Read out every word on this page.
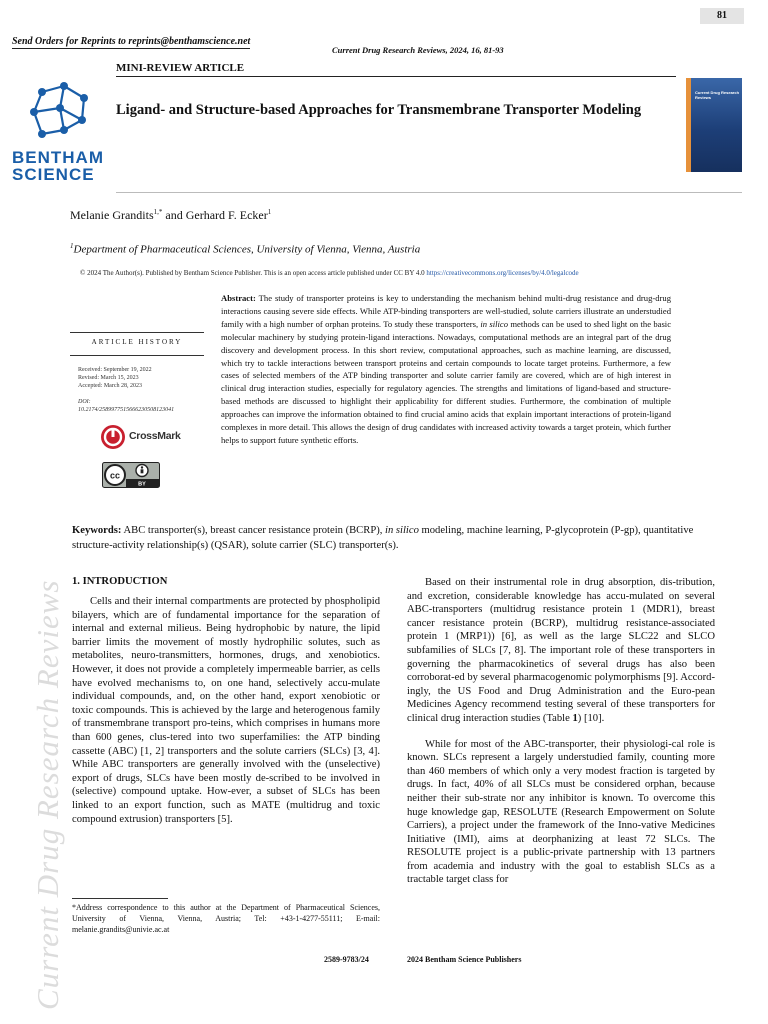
81
Send Orders for Reprints to reprints@benthamscience.net
Current Drug Research Reviews, 2024, 16, 81-93
MINI-REVIEW ARTICLE
BENTHAM
SCIENCE
Ligand- and Structure-based Approaches for Transmembrane Transporter Modeling
Current Drug Research Reviews
Melanie Grandits$^{1,*}$ and Gerhard F. Ecker$^1$
$^1$Department of Pharmaceutical Sciences, University of Vienna, Vienna, Austria
© 2024 The Author(s). Published by Bentham Science Publisher. This is an open access article published under CC BY 4.0 https://creativecommons.org/licenses/by/4.0/legalcode
Abstract: The study of transporter proteins is key to understanding the mechanism behind multi-drug resistance and drug-drug interactions causing severe side effects. While ATP-binding transporters are well-studied, solute carriers illustrate an understudied family with a high number of orphan proteins. To study these transporters, in silico methods can be used to shed light on the basic molecular machinery by studying protein-ligand interactions. Nowadays, computational methods are an integral part of the drug discovery and development process. In this short review, computational approaches, such as machine learning, are discussed, which try to tackle interactions between transport proteins and certain compounds to locate target proteins. Furthermore, a few cases of selected members of the ATP binding transporter and solute carrier family are covered, which are of high interest in clinical drug interaction studies, especially for regulatory agencies. The strengths and limitations of ligand-based and structure-based methods are discussed to highlight their applicability for different studies. Furthermore, the combination of multiple approaches can improve the information obtained to find crucial amino acids that explain important interactions of protein-ligand complexes in more detail. This allows the design of drug candidates with increased activity towards a target protein, which further helps to support future synthetic efforts.
ARTICLE HISTORY
Received: September 19, 2022
Revised: March 15, 2023
Accepted: March 28, 2023
DOI:
10.2174/2589977515666230508123041
CrossMark
cc
BY
Keywords: ABC transporter(s), breast cancer resistance protein (BCRP), in silico modeling, machine learning, P-glycoprotein (P-gp), quantitative structure-activity relationship(s) (QSAR), solute carrier (SLC) transporter(s).
Current Drug Research Reviews 1. INTRODUCTION

Cells and their internal compartments are protected by phospholipid bilayers, which are of fundamental importance for the separation of internal and external milieus. Being hydrophobic by nature, the lipid barrier limits the movement of mostly hydrophilic solutes, such as metabolites, neuro-transmitters, hormones, drugs, and xenobiotics. However, it does not provide a completely impermeable barrier, as cells have evolved mechanisms to, on one hand, selectively accu-mulate individual compounds, and, on the other hand, export xenobiotic or toxic compounds. This is achieved by the large and heterogenous family of transmembrane transport pro-teins, which comprises in humans more than 600 genes, clus-tered into two superfamilies: the ATP binding cassette (ABC) [1, 2] transporters and the solute carriers (SLCs) [3, 4]. While ABC transporters are generally involved with the (unselective) export of drugs, SLCs have been mostly de-scribed to be involved in (selective) compound uptake. How-ever, a subset of SLCs has been linked to an export function, such as MATE (multidrug and toxic compound extrusion) transporters [5].

Based on their instrumental role in drug absorption, dis-tribution, and excretion, considerable knowledge has accu-mulated on several ABC-transporters (multidrug resistance protein 1 (MDR1), breast cancer resistance protein (BCRP), multidrug resistance-associated protein 1 (MRP1)) [6], as well as the large SLC22 and SLCO subfamilies of SLCs [7, 8]. The important role of these transporters in governing the pharmacokinetics of several drugs has also been corroborat-ed by several pharmacogenomic polymorphisms [9]. Accord-ingly, the US Food and Drug Administration and the Euro-pean Medicines Agency recommend testing several of these transporters for clinical drug interaction studies (Table 1) [10].

While for most of the ABC-transporter, their physiologi-cal role is known. SLCs represent a largely understudied family, counting more than 460 members of which only a very modest fraction is targeted by drugs. In fact, 40% of all SLCs must be considered orphan, because neither their sub-strate nor any inhibitor is known. To overcome this huge knowledge gap, RESOLUTE (Research Empowerment on Solute Carriers), a project under the framework of the Inno-vative Medicines Initiative (IMI), aims at deorphanizing at least 72 SLCs. The RESOLUTE project is a public-private partnership with 13 partners from academia and industry with the goal to establish SLCs as a tractable target class for

*Address correspondence to this author at the Department of Pharmaceutical Sciences, University of Vienna, Vienna, Austria; Tel: +43-1-4277-55111; E-mail: melanie.grandits@univie.ac.at
2589-9783/24	2024 Bentham Science Publishers
